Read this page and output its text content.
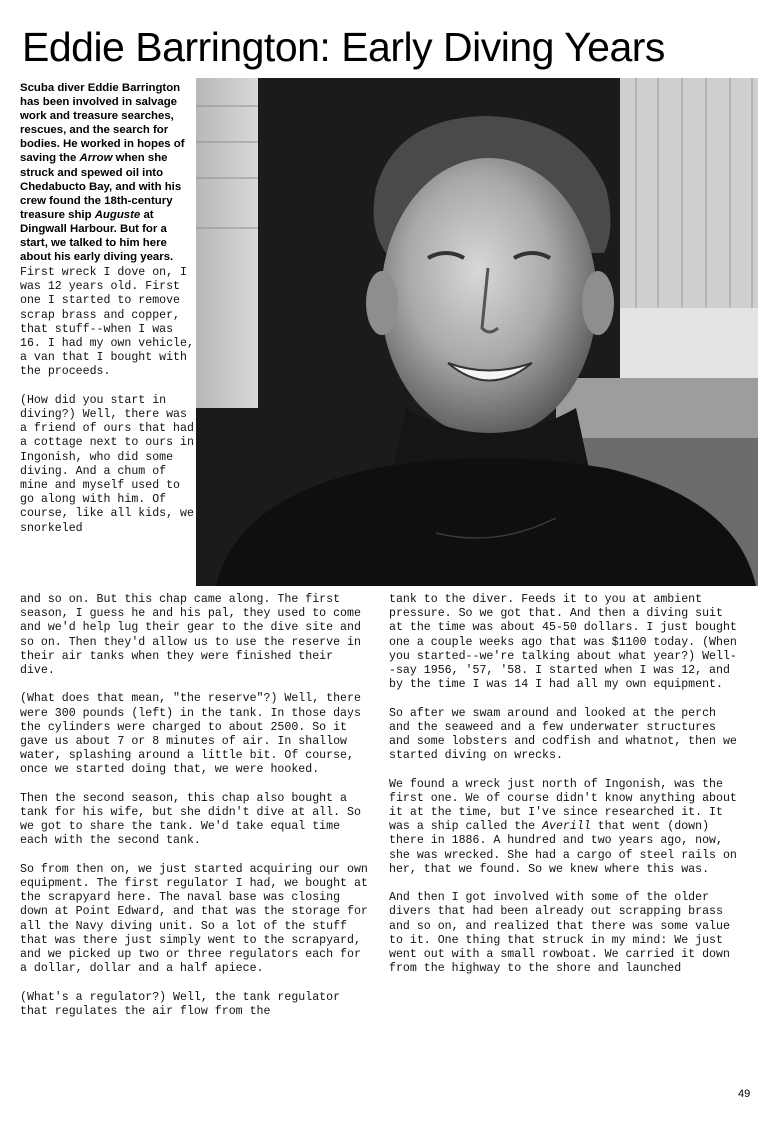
Eddie Barrington: Early Diving Years
Scuba diver Eddie Barrington has been involved in salvage work and treasure searches, rescues, and the search for bodies. He worked in hopes of saving the Arrow when she struck and spewed oil into Chedabucto Bay, and with his crew found the 18th-century treasure ship Auguste at Dingwall Harbour. But for a start, we talked to him here about his early diving years.

First wreck I dove on, I was 12 years old. First one I started to remove scrap brass and copper, that stuff--when I was 16. I had my own vehicle, a van that I bought with the proceeds.

(How did you start in diving?) Well, there was a friend of ours that had a cottage next to ours in Ingonish, who did some diving. And a chum of mine and myself used to go along with him. Of course, like all kids, we snorkeled

and so on. But this chap came along. The first season, I guess he and his pal, they used to come and we'd help lug their gear to the dive site and so on. Then they'd allow us to use the reserve in their air tanks when they were finished their dive.

(What does that mean, "the reserve"?) Well, there were 300 pounds (left) in the tank. In those days the cylinders were charged to about 2500. So it gave us about 7 or 8 minutes of air. In shallow water, splashing around a little bit. Of course, once we started doing that, we were hooked.

Then the second season, this chap also bought a tank for his wife, but she didn't dive at all. So we got to share the tank. We'd take equal time each with the second tank.

So from then on, we just started acquiring our own equipment. The first regulator I had, we bought at the scrapyard here. The naval base was closing down at Point Edward, and that was the storage for all the Navy diving unit. So a lot of the stuff that was there just simply went to the scrapyard, and we picked up two or three regulators each for a dollar, dollar and a half apiece.

(What's a regulator?) Well, the tank regulator that regulates the air flow from the

tank to the diver. Feeds it to you at ambient pressure. So we got that. And then a diving suit at the time was about 45-50 dollars. I just bought one a couple weeks ago that was $1100 today. (When you started--we're talking about what year?) Well--say 1956, '57, '58. I started when I was 12, and by the time I was 14 I had all my own equipment.

So after we swam around and looked at the perch and the seaweed and a few underwater structures and some lobsters and codfish and whatnot, then we started diving on wrecks.

We found a wreck just north of Ingonish, was the first one. We of course didn't know anything about it at the time, but I've since researched it. It was a ship called the Averill that went (down) there in 1886. A hundred and two years ago, now, she was wrecked. She had a cargo of steel rails on her, that we found. So we knew where this was.

And then I got involved with some of the older divers that had been already out scrapping brass and so on, and realized that there was some value to it. One thing that struck in my mind: We just went out with a small rowboat. We carried it down from the highway to the shore and launched

49
